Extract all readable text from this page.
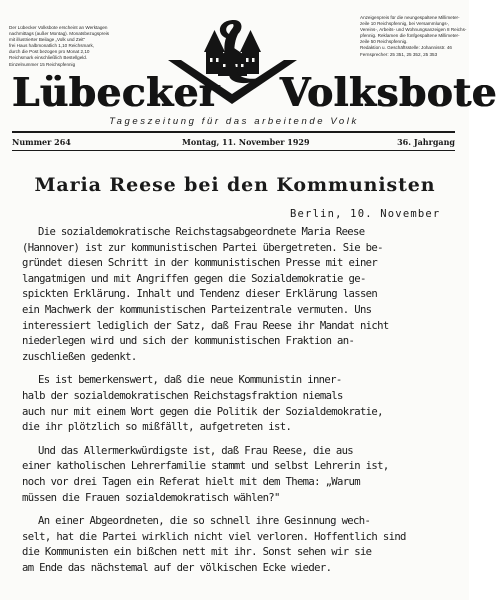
Der Lübecker Volksbote erscheint an Werktagen
nachmittags (außer Montag). Monatsbezugspreis
mit illustrierter Beilage „Volk und Zeit"
frei Haus halbmonatlich 1,10 Reichsmark,
durch die Post bezogen pro Monat 2,10
Reichsmark einschließlich Bestellgeld.
Einzelnummer 15 Reichspfennig
Anzeigenpreis für die neungespaltene Millimeter-
zeile 10 Reichspfennig, bei Versammlungs-,
Vereins-, Arbeits- und Wohnungsanzeigen 8 Reichs-
pfennig. Reklamen die fünfgespaltene Millimeter-
zeile 50 Reichspfennig.
Redaktion u. Geschäftsstelle: Johannisstr. 46
Fernsprecher: 25 351, 25 352, 25 353
Lübecker Volksbote
Tageszeitung für das arbeitende Volk
Nummer 264	Montag, 11. November 1929	36. Jahrgang
Maria Reese bei den Kommunisten
Berlin, 10. November

Die sozialdemokratische Reichstagsabgeordnete Maria Reese
(Hannover) ist zur kommunistischen Partei übergetreten. Sie be-
gründet diesen Schritt in der kommunistischen Presse mit einer
langatmigen und mit Angriffen gegen die Sozialdemokratie ge-
spickten Erklärung. Inhalt und Tendenz dieser Erklärung lassen
ein Machwerk der kommunistischen Parteizentrale vermuten. Uns
interessiert lediglich der Satz, daß Frau Reese ihr Mandat nicht
niederlegen wird und sich der kommunistischen Fraktion an-
zuschließen gedenkt.

Es ist bemerkenswert, daß die neue Kommunistin inner-
halb der sozialdemokratischen Reichstagsfraktion niemals
auch nur mit einem Wort gegen die Politik der Sozialdemokratie,
die ihr plötzlich so mißfällt, aufgetreten ist.

Und das Allermerkwürdigste ist, daß Frau Reese, die aus
einer katholischen Lehrerfamilie stammt und selbst Lehrerin ist,
noch vor drei Tagen ein Referat hielt mit dem Thema: „Warum
müssen die Frauen sozialdemokratisch wählen?"

An einer Abgeordneten, die so schnell ihre Gesinnung wech-
selt, hat die Partei wirklich nicht viel verloren. Hoffentlich sind
die Kommunisten ein bißchen nett mit ihr. Sonst sehen wir sie
am Ende das nächstemal auf der völkischen Ecke wieder.
